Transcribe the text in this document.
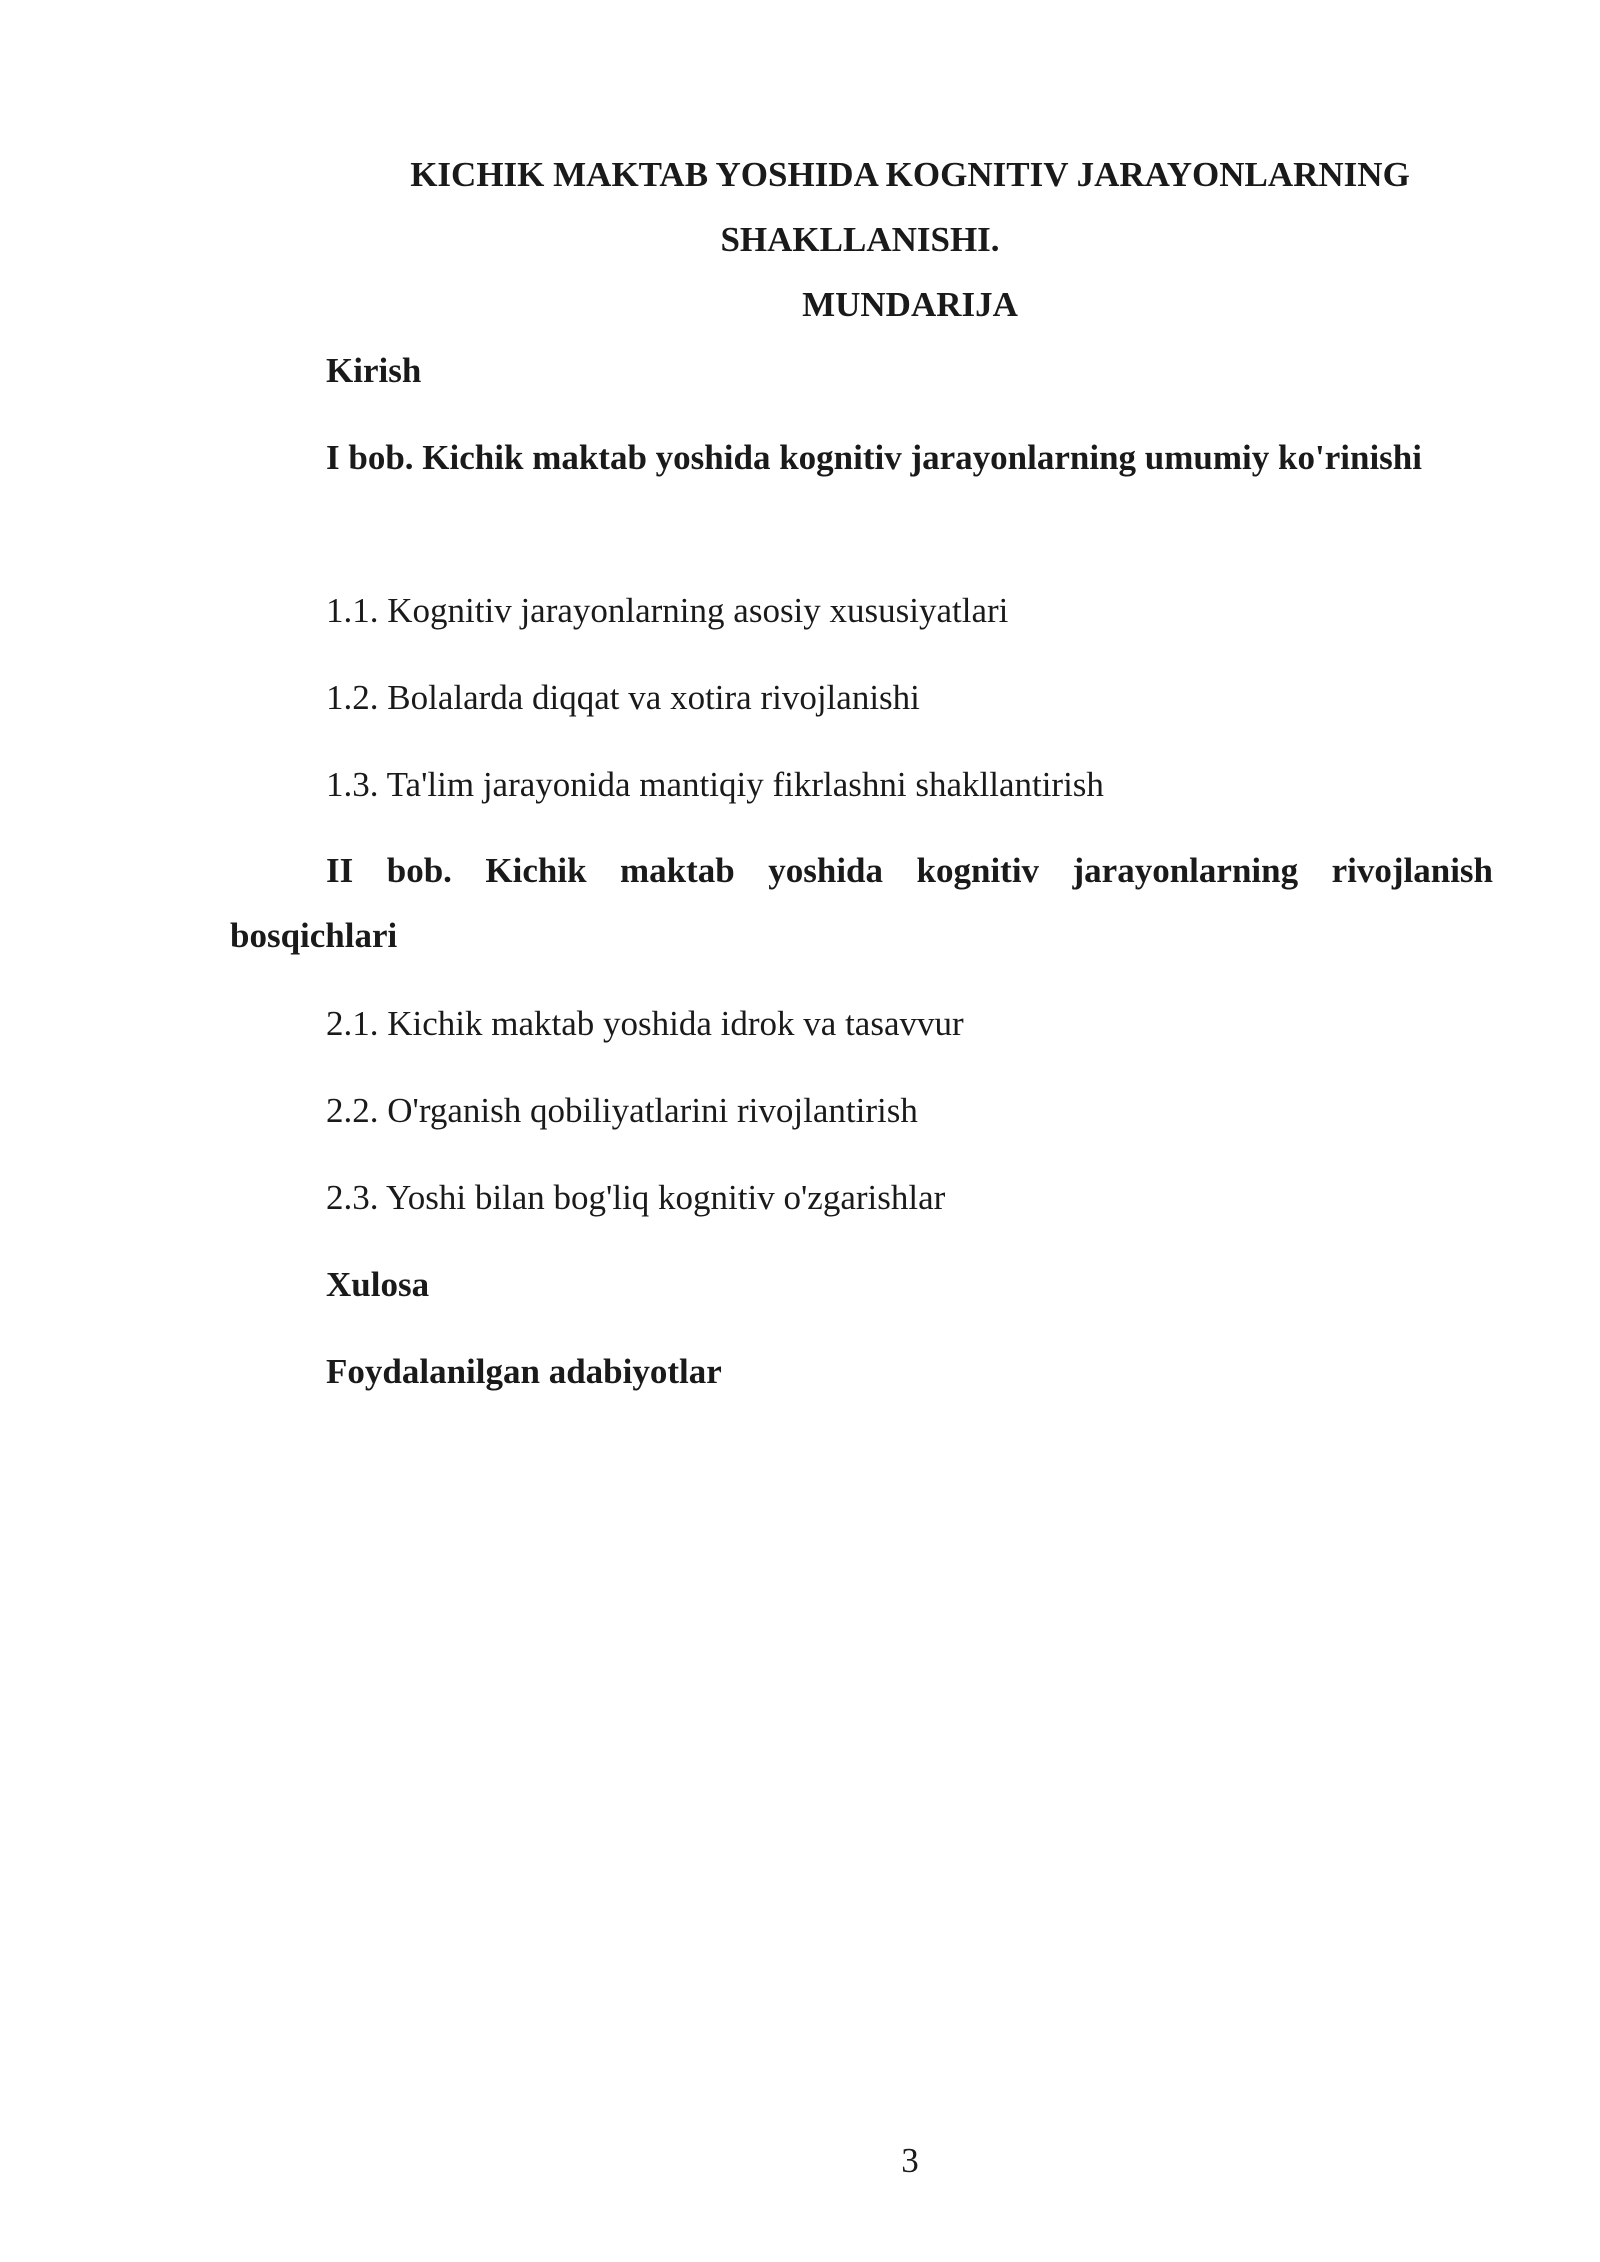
KICHIK MAKTAB YOSHIDA KOGNITIV JARAYONLARNING
SHAKLLANISHI.
MUNDARIJA
Kirish
I bob. Kichik maktab yoshida kognitiv jarayonlarning umumiy ko'rinishi
1.1. Kognitiv jarayonlarning asosiy xususiyatlari
1.2. Bolalarda diqqat va xotira rivojlanishi
1.3. Ta'lim jarayonida mantiqiy fikrlashni shakllantirish
II bob. Kichik maktab yoshida kognitiv jarayonlarning rivojlanish bosqichlari
2.1. Kichik maktab yoshida idrok va tasavvur
2.2. O'rganish qobiliyatlarini rivojlantirish
2.3. Yoshi bilan bog'liq kognitiv o'zgarishlar
Xulosa
Foydalanilgan adabiyotlar
3
